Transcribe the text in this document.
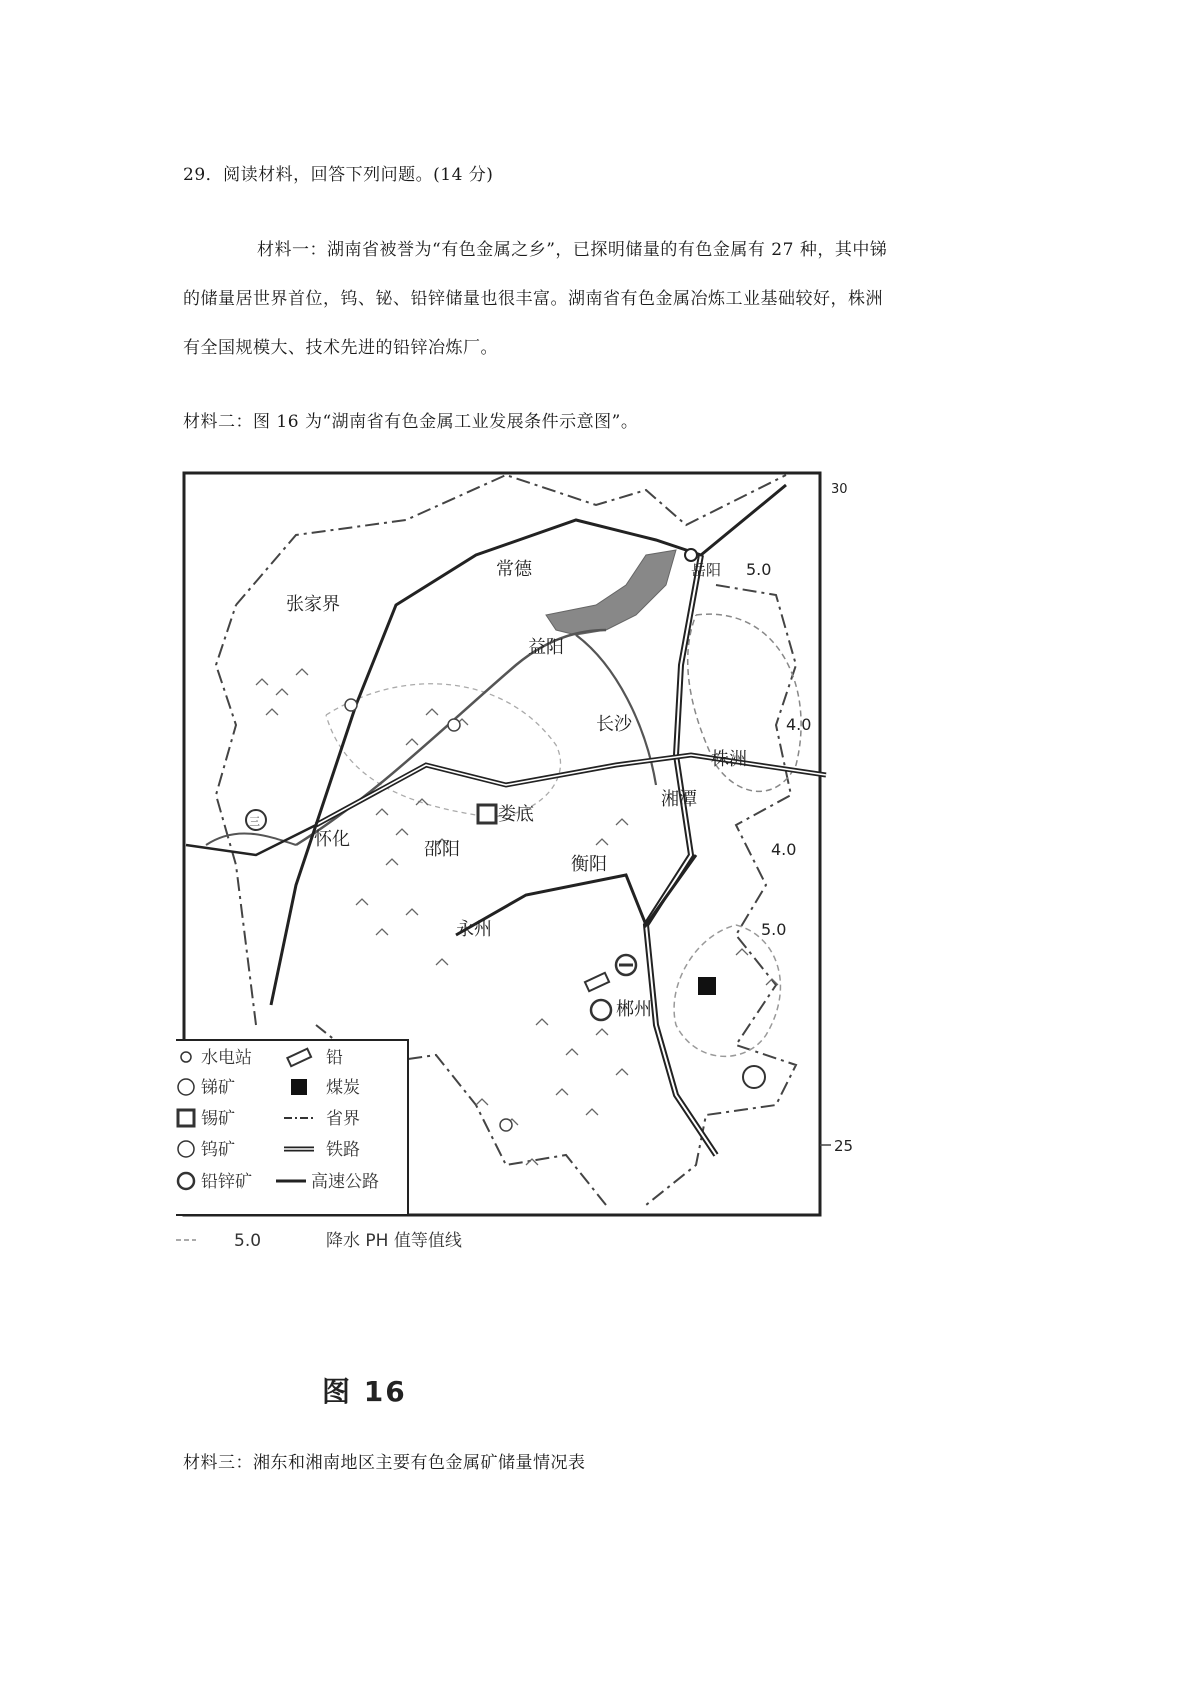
29．阅读材料，回答下列问题。(14 分)
材料一：湖南省被誉为“有色金属之乡”，已探明储量的有色金属有 27 种，其中锑
的储量居世界首位，钨、铋、铅锌储量也很丰富。湖南省有色金属冶炼工业基础较好，株洲
有全国规模大、技术先进的铅锌冶炼厂。
材料二：图 16 为“湖南省有色金属工业发展条件示意图”。
常德
张家界
益阳
长沙
株洲
湘潭
娄底
怀化	邵阳
衡阳
永州
郴州
岳阳 5.0
4.0
4.0
5.0
30
25
三
水电站	铅
锑矿	煤炭
锡矿	省界
钨矿	铁路
铅锌矿	高速公路
5.0	降水 PH 值等值线
图 16
材料三：湘东和湘南地区主要有色金属矿储量情况表
